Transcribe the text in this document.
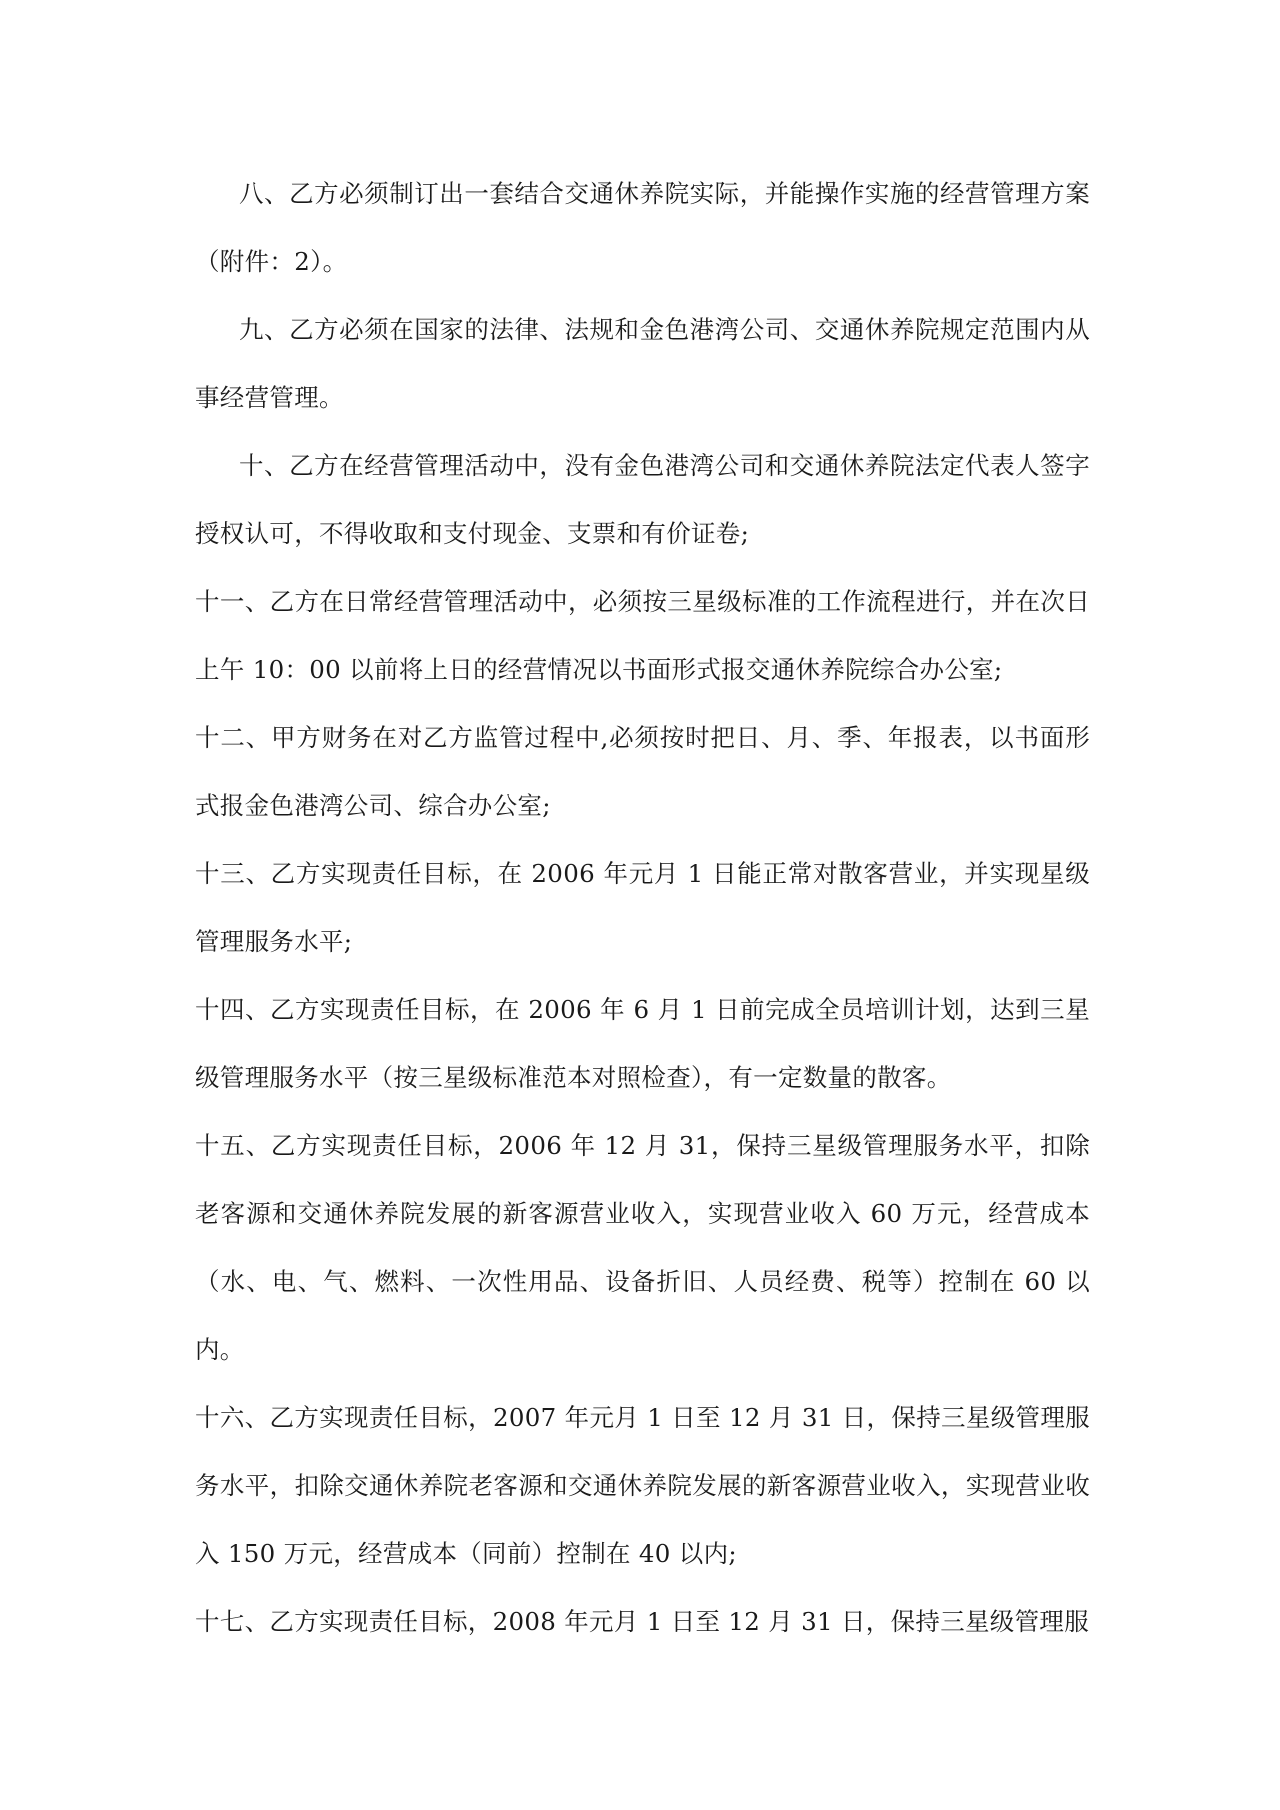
八、乙方必须制订出一套结合交通休养院实际，并能操作实施的经营管理方案（附件：2）。

九、乙方必须在国家的法律、法规和金色港湾公司、交通休养院规定范围内从事经营管理。

十、乙方在经营管理活动中，没有金色港湾公司和交通休养院法定代表人签字授权认可，不得收取和支付现金、支票和有价证卷;

十一、乙方在日常经营管理活动中，必须按三星级标准的工作流程进行，并在次日上午 10：00 以前将上日的经营情况以书面形式报交通休养院综合办公室;

十二、甲方财务在对乙方监管过程中,必须按时把日、月、季、年报表，以书面形式报金色港湾公司、综合办公室;

十三、乙方实现责任目标，在 2006 年元月 1 日能正常对散客营业，并实现星级管理服务水平;

十四、乙方实现责任目标，在 2006 年 6 月 1 日前完成全员培训计划，达到三星级管理服务水平（按三星级标准范本对照检查），有一定数量的散客。

十五、乙方实现责任目标，2006 年 12 月 31，保持三星级管理服务水平，扣除老客源和交通休养院发展的新客源营业收入，实现营业收入 60 万元，经营成本（水、电、气、燃料、一次性用品、设备折旧、人员经费、税等）控制在 60 以内。

十六、乙方实现责任目标，2007 年元月 1 日至 12 月 31 日，保持三星级管理服务水平，扣除交通休养院老客源和交通休养院发展的新客源营业收入，实现营业收入 150 万元，经营成本（同前）控制在 40 以内;

十七、乙方实现责任目标，2008 年元月 1 日至 12 月 31 日，保持三星级管理服
